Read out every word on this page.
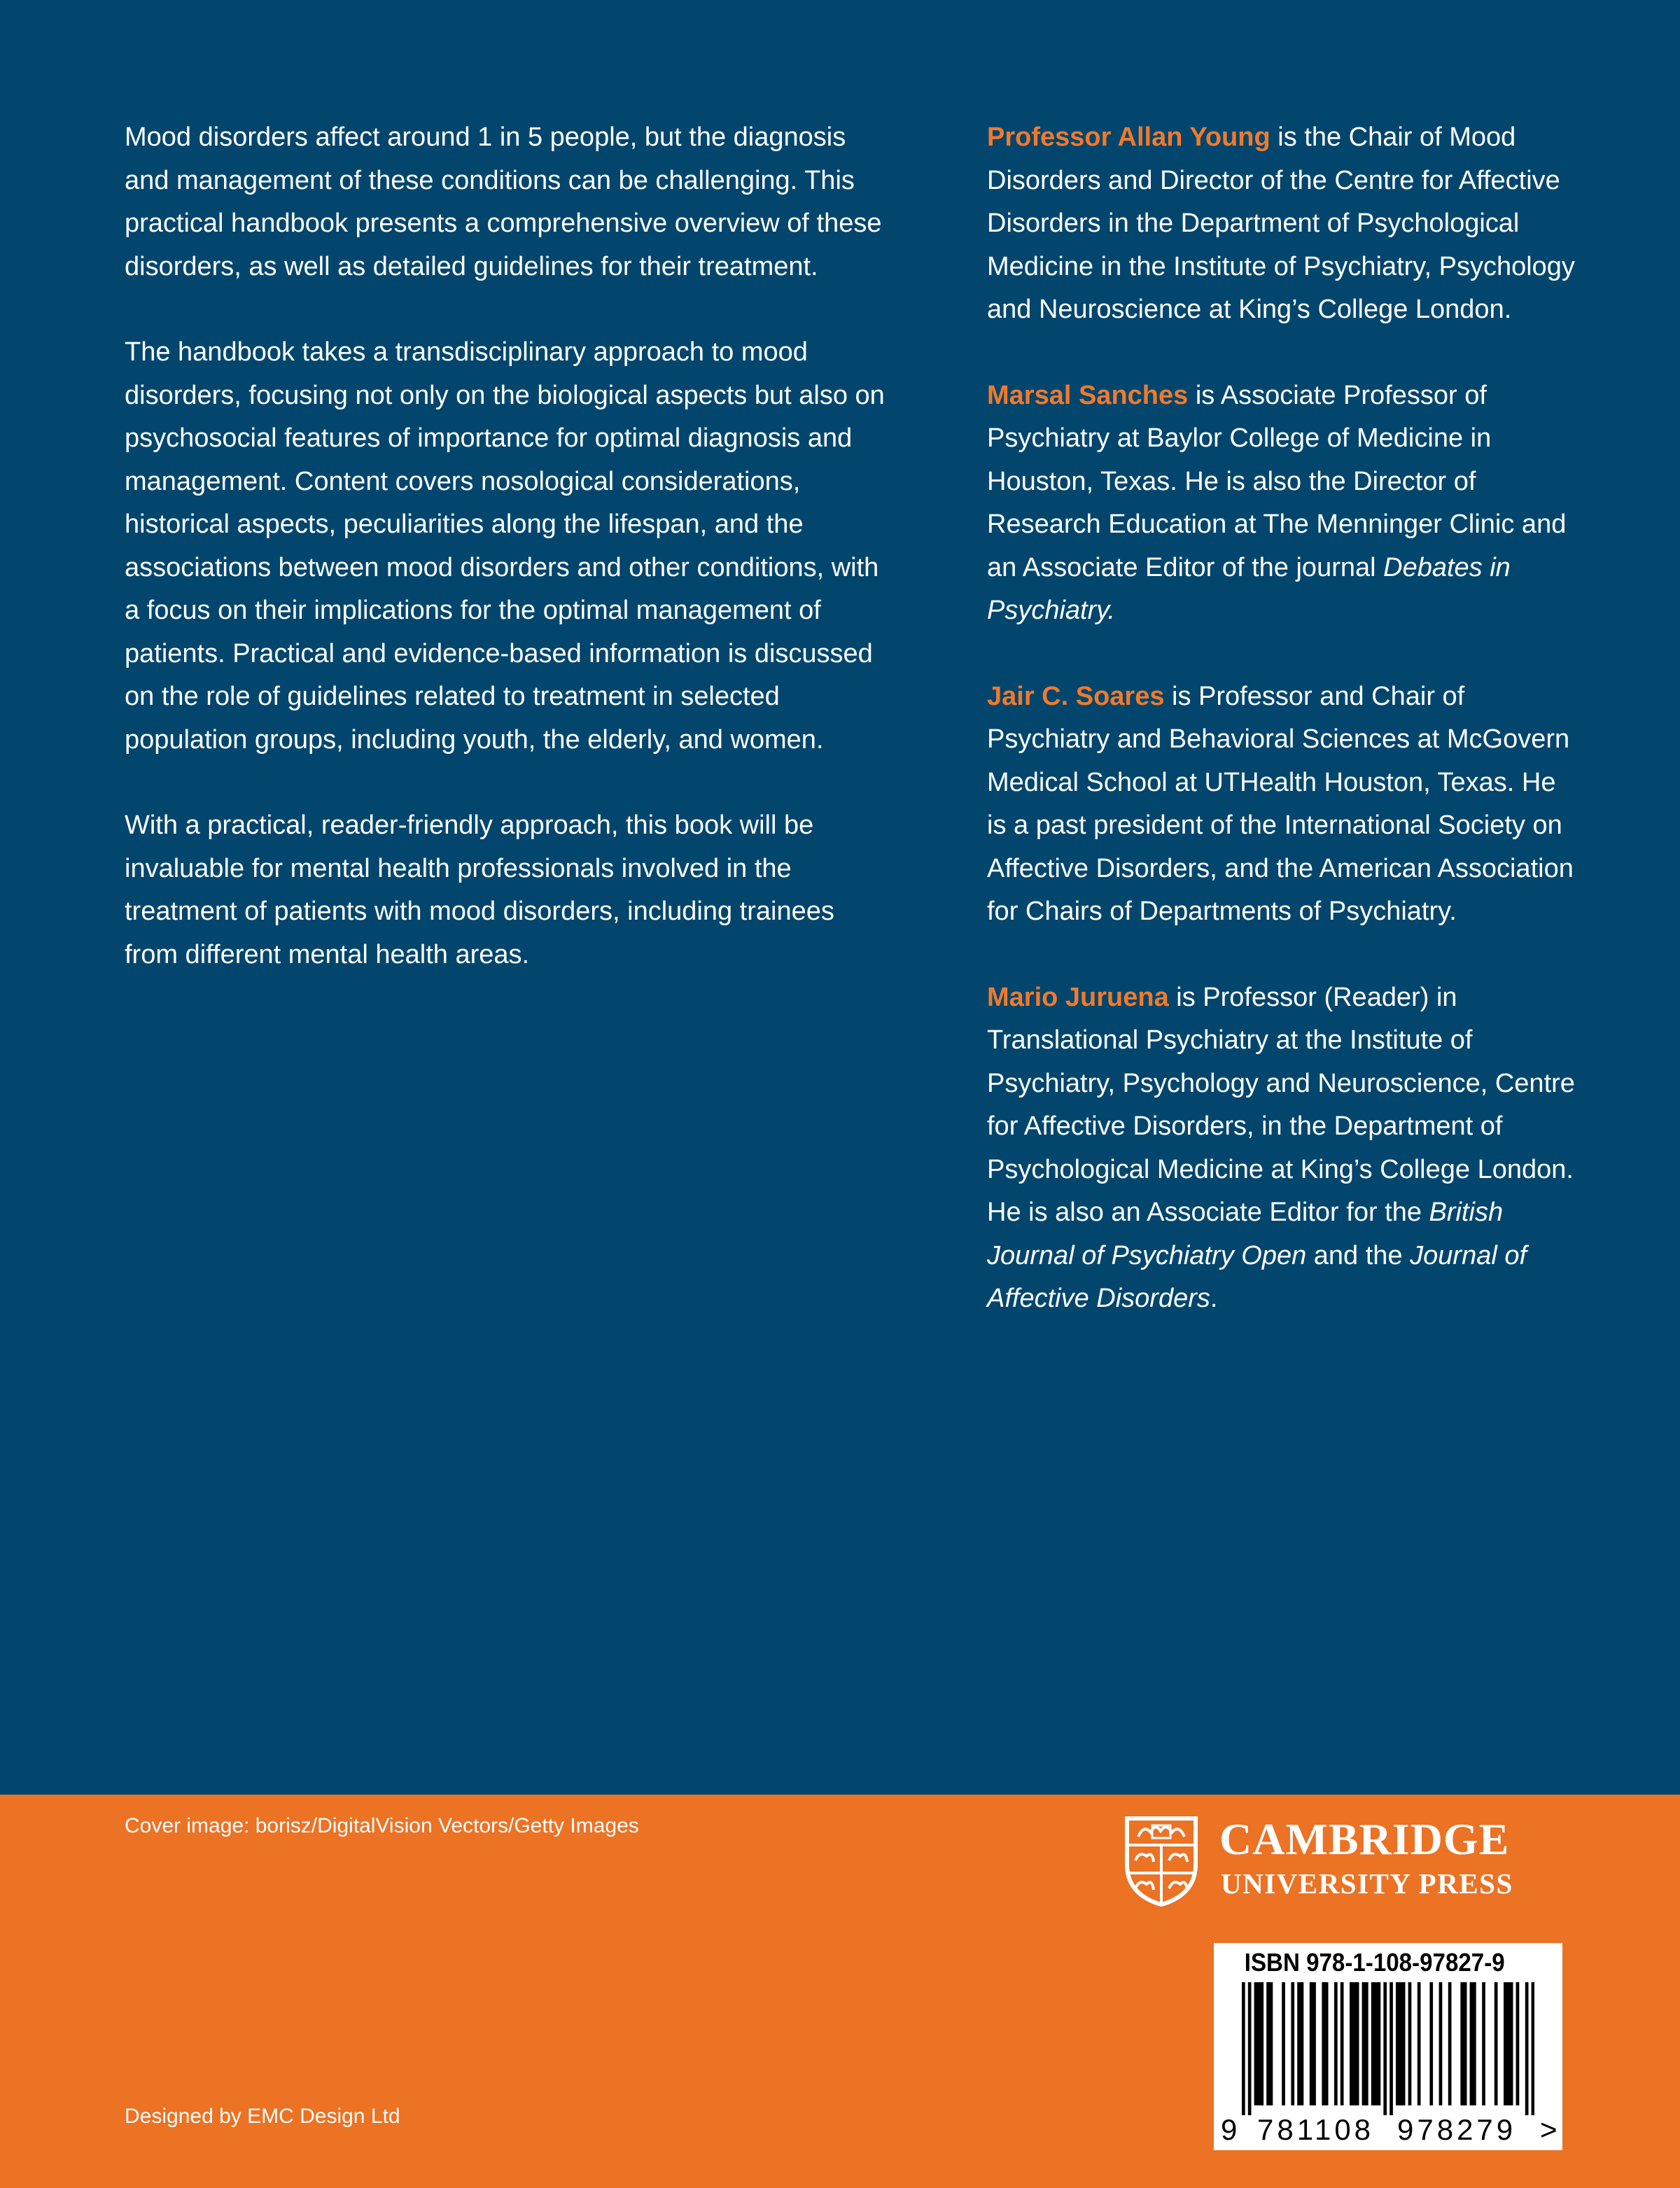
Mood disorders affect around 1 in 5 people, but the diagnosis and management of these conditions can be challenging. This practical handbook presents a comprehensive overview of these disorders, as well as detailed guidelines for their treatment.

The handbook takes a transdisciplinary approach to mood disorders, focusing not only on the biological aspects but also on psychosocial features of importance for optimal diagnosis and management. Content covers nosological considerations, historical aspects, peculiarities along the lifespan, and the associations between mood disorders and other conditions, with a focus on their implications for the optimal management of patients. Practical and evidence-based information is discussed on the role of guidelines related to treatment in selected population groups, including youth, the elderly, and women.

With a practical, reader-friendly approach, this book will be invaluable for mental health professionals involved in the treatment of patients with mood disorders, including trainees from different mental health areas.

Professor Allan Young is the Chair of Mood Disorders and Director of the Centre for Affective Disorders in the Department of Psychological Medicine in the Institute of Psychiatry, Psychology and Neuroscience at King’s College London.

Marsal Sanches is Associate Professor of Psychiatry at Baylor College of Medicine in Houston, Texas. He is also the Director of Research Education at The Menninger Clinic and an Associate Editor of the journal Debates in Psychiatry.

Jair C. Soares is Professor and Chair of Psychiatry and Behavioral Sciences at McGovern Medical School at UTHealth Houston, Texas. He is a past president of the International Society on Affective Disorders, and the American Association for Chairs of Departments of Psychiatry.

Mario Juruena is Professor (Reader) in Translational Psychiatry at the Institute of Psychiatry, Psychology and Neuroscience, Centre for Affective Disorders, in the Department of Psychological Medicine at King’s College London. He is also an Associate Editor for the British Journal of Psychiatry Open and the Journal of Affective Disorders.

Cover image: borisz/DigitalVision Vectors/Getty Images
Designed by EMC Design Ltd
CAMBRIDGE
UNIVERSITY PRESS
ISBN 978-1-108-97827-9
9 781108 978279 >
